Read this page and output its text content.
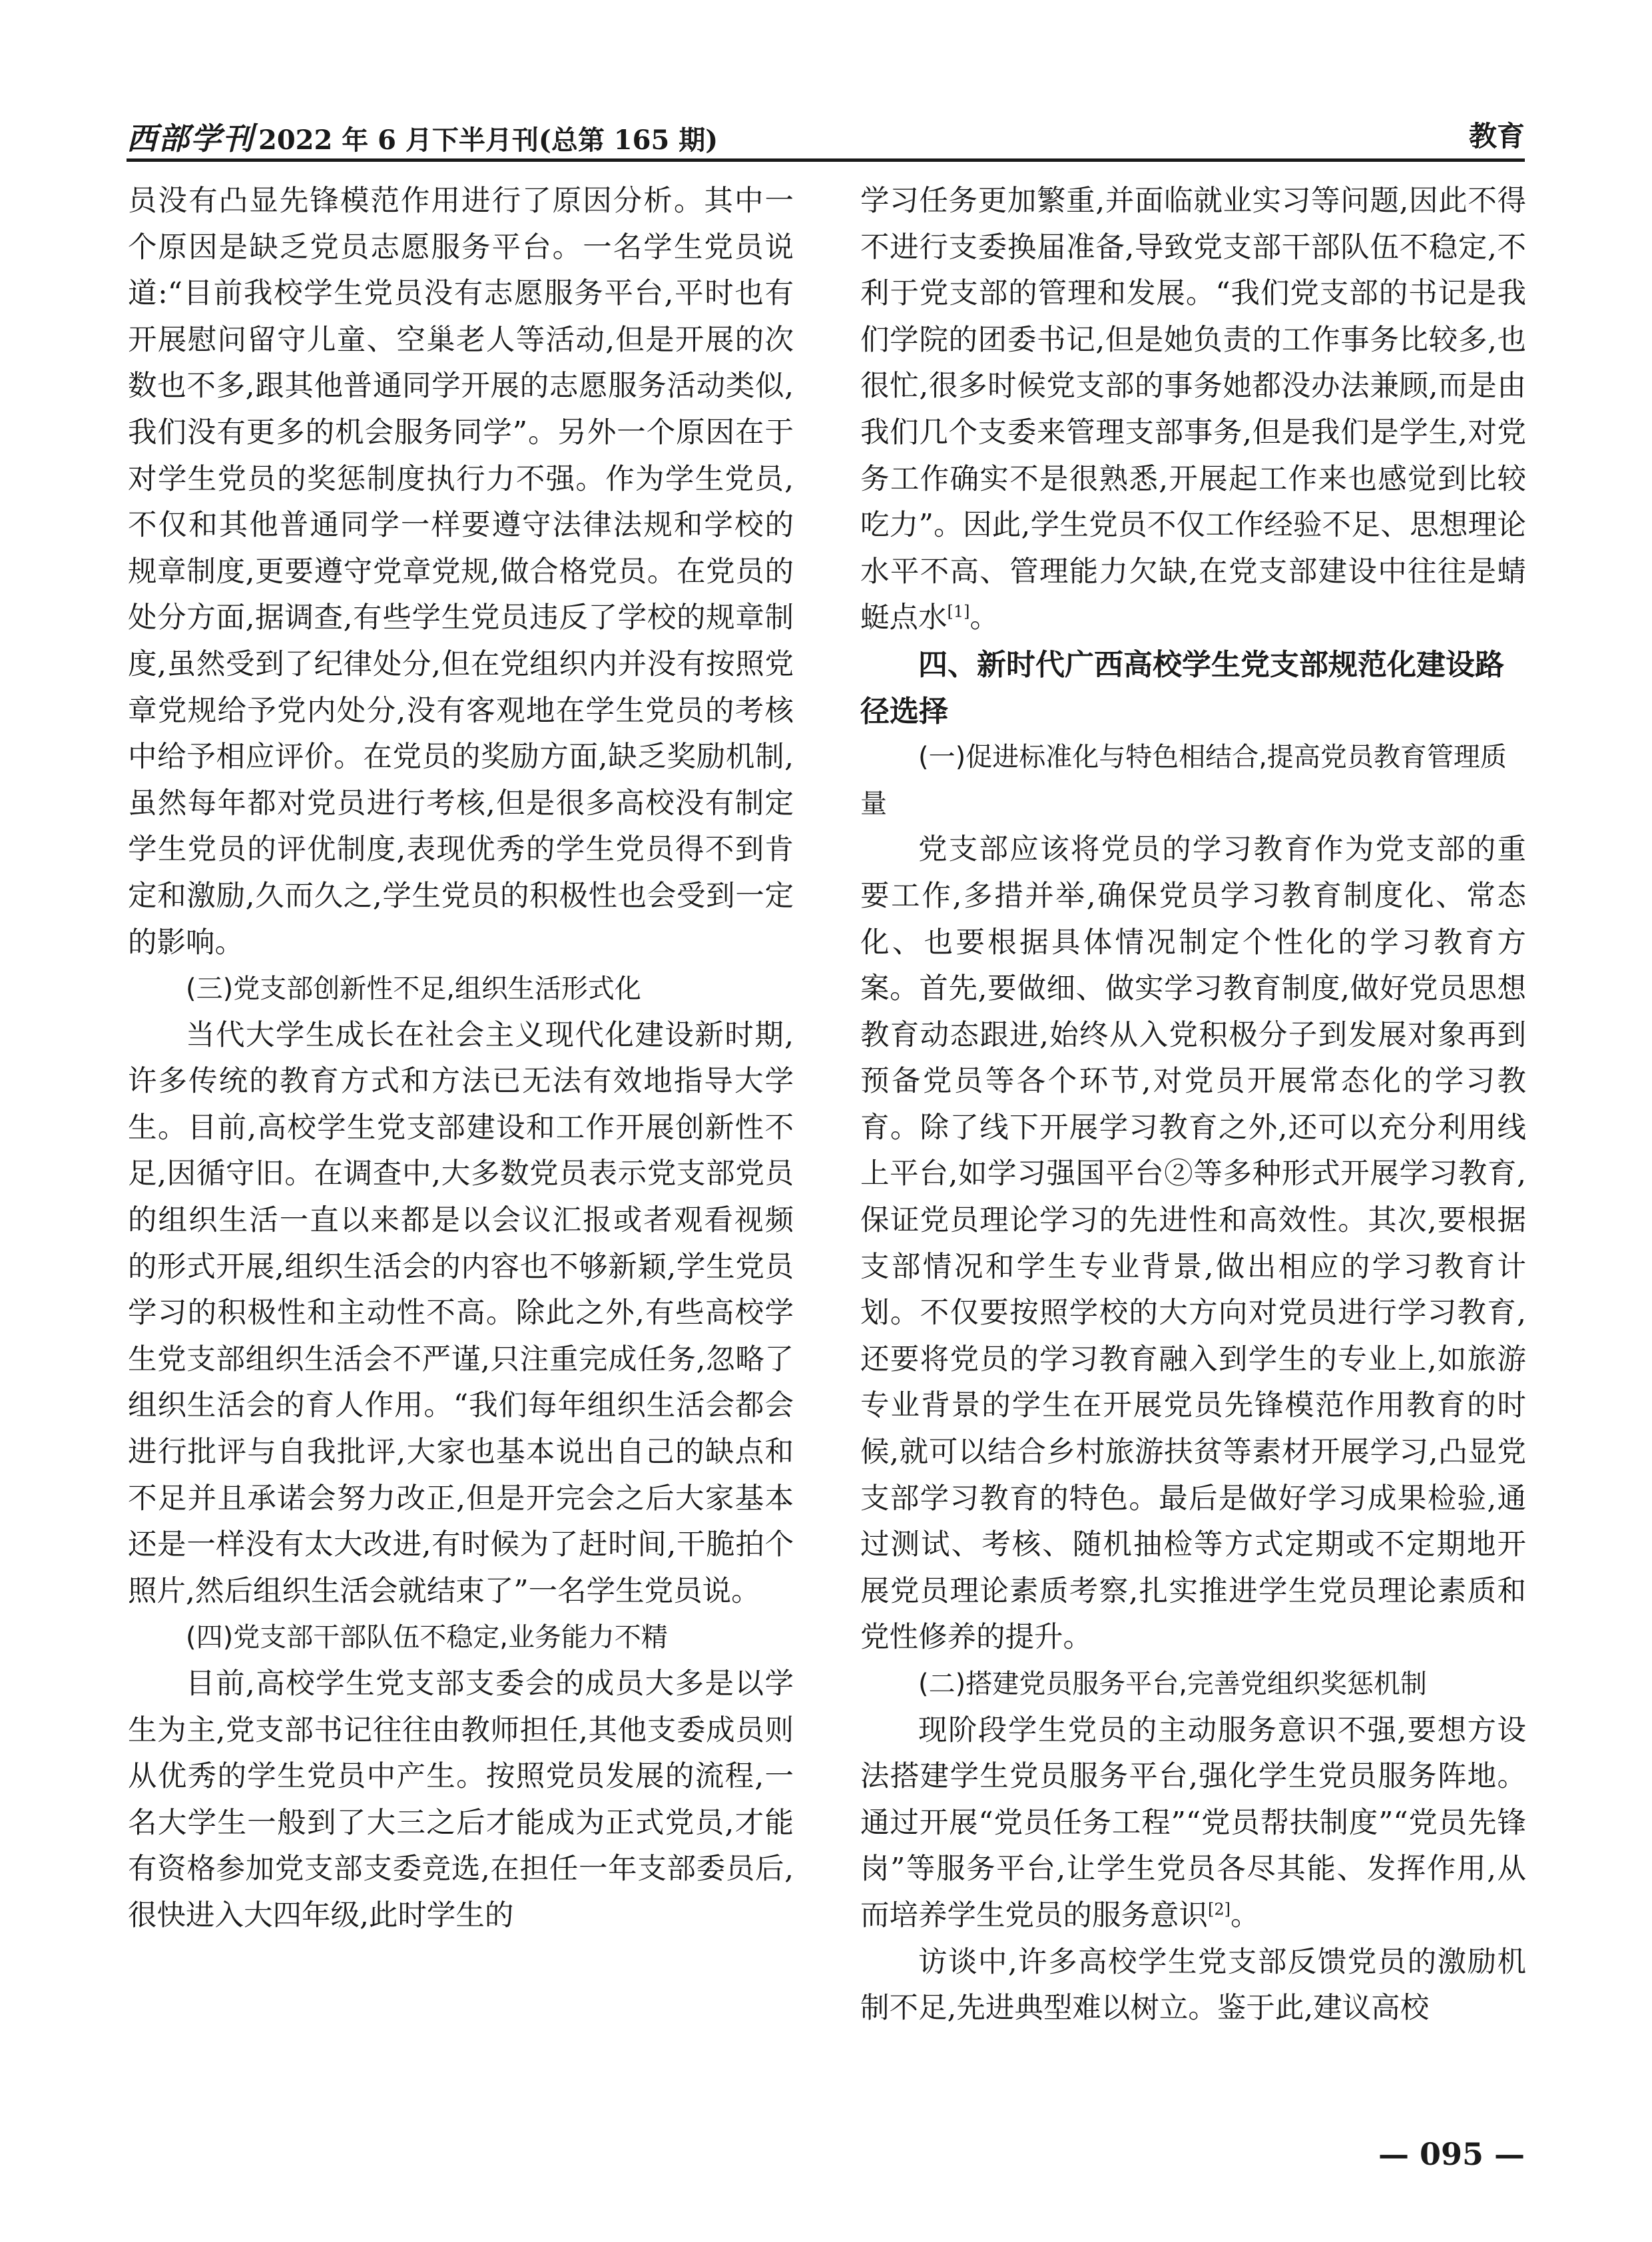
西部学刊 2022 年 6 月下半月刊(总第 165 期)	教育

员没有凸显先锋模范作用进行了原因分析。其中一个原因是缺乏党员志愿服务平台。一名学生党员说道:“目前我校学生党员没有志愿服务平台,平时也有开展慰问留守儿童、空巢老人等活动,但是开展的次数也不多,跟其他普通同学开展的志愿服务活动类似,我们没有更多的机会服务同学”。另外一个原因在于对学生党员的奖惩制度执行力不强。作为学生党员,不仅和其他普通同学一样要遵守法律法规和学校的规章制度,更要遵守党章党规,做合格党员。在党员的处分方面,据调查,有些学生党员违反了学校的规章制度,虽然受到了纪律处分,但在党组织内并没有按照党章党规给予党内处分,没有客观地在学生党员的考核中给予相应评价。在党员的奖励方面,缺乏奖励机制,虽然每年都对党员进行考核,但是很多高校没有制定学生党员的评优制度,表现优秀的学生党员得不到肯定和激励,久而久之,学生党员的积极性也会受到一定的影响。

(三)党支部创新性不足,组织生活形式化

当代大学生成长在社会主义现代化建设新时期,许多传统的教育方式和方法已无法有效地指导大学生。目前,高校学生党支部建设和工作开展创新性不足,因循守旧。在调查中,大多数党员表示党支部党员的组织生活一直以来都是以会议汇报或者观看视频的形式开展,组织生活会的内容也不够新颖,学生党员学习的积极性和主动性不高。除此之外,有些高校学生党支部组织生活会不严谨,只注重完成任务,忽略了组织生活会的育人作用。“我们每年组织生活会都会进行批评与自我批评,大家也基本说出自己的缺点和不足并且承诺会努力改正,但是开完会之后大家基本还是一样没有太大改进,有时候为了赶时间,干脆拍个照片,然后组织生活会就结束了”一名学生党员说。

(四)党支部干部队伍不稳定,业务能力不精

目前,高校学生党支部支委会的成员大多是以学生为主,党支部书记往往由教师担任,其他支委成员则从优秀的学生党员中产生。按照党员发展的流程,一名大学生一般到了大三之后才能成为正式党员,才能有资格参加党支部支委竞选,在担任一年支部委员后,很快进入大四年级,此时学生的

学习任务更加繁重,并面临就业实习等问题,因此不得不进行支委换届准备,导致党支部干部队伍不稳定,不利于党支部的管理和发展。“我们党支部的书记是我们学院的团委书记,但是她负责的工作事务比较多,也很忙,很多时候党支部的事务她都没办法兼顾,而是由我们几个支委来管理支部事务,但是我们是学生,对党务工作确实不是很熟悉,开展起工作来也感觉到比较吃力”。因此,学生党员不仅工作经验不足、思想理论水平不高、管理能力欠缺,在党支部建设中往往是蜻蜓点水[1]。

四、新时代广西高校学生党支部规范化建设路径选择

(一)促进标准化与特色相结合,提高党员教育管理质量

党支部应该将党员的学习教育作为党支部的重要工作,多措并举,确保党员学习教育制度化、常态化、也要根据具体情况制定个性化的学习教育方案。首先,要做细、做实学习教育制度,做好党员思想教育动态跟进,始终从入党积极分子到发展对象再到预备党员等各个环节,对党员开展常态化的学习教育。除了线下开展学习教育之外,还可以充分利用线上平台,如学习强国平台②等多种形式开展学习教育,保证党员理论学习的先进性和高效性。其次,要根据支部情况和学生专业背景,做出相应的学习教育计划。不仅要按照学校的大方向对党员进行学习教育,还要将党员的学习教育融入到学生的专业上,如旅游专业背景的学生在开展党员先锋模范作用教育的时候,就可以结合乡村旅游扶贫等素材开展学习,凸显党支部学习教育的特色。最后是做好学习成果检验,通过测试、考核、随机抽检等方式定期或不定期地开展党员理论素质考察,扎实推进学生党员理论素质和党性修养的提升。

(二)搭建党员服务平台,完善党组织奖惩机制

现阶段学生党员的主动服务意识不强,要想方设法搭建学生党员服务平台,强化学生党员服务阵地。通过开展“党员任务工程”“党员帮扶制度”“党员先锋岗”等服务平台,让学生党员各尽其能、发挥作用,从而培养学生党员的服务意识[2]。

访谈中,许多高校学生党支部反馈党员的激励机制不足,先进典型难以树立。鉴于此,建议高校

— 095 —
